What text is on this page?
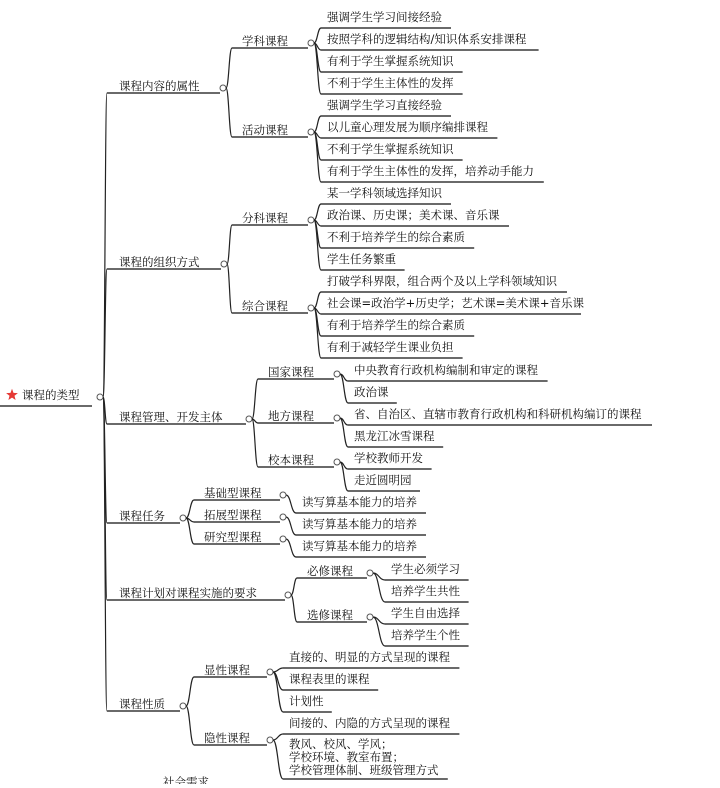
课程的类型
课程内容的属性
学科课程
强调学生学习间接经验
按照学科的逻辑结构/知识体系安排课程
有利于学生掌握系统知识
不利于学生主体性的发挥
活动课程
强调学生学习直接经验
以儿童心理发展为顺序编排课程
不利于学生掌握系统知识
有利于学生主体性的发挥，培养动手能力
课程的组织方式
分科课程
某一学科领域选择知识
政治课、历史课；美术课、音乐课
不利于培养学生的综合素质
学生任务繁重
综合课程
打破学科界限，组合两个及以上学科领域知识
社会课=政治学+历史学；艺术课=美术课+音乐课
有利于培养学生的综合素质
有利于减轻学生课业负担
课程管理、开发主体
国家课程	中央教育行政机构编制和审定的课程
政治课
地方课程	省、自治区、直辖市教育行政机构和科研机构编订的课程
黑龙江冰雪课程
校本课程	学校教师开发
走近圆明园
课程任务
基础型课程
读写算基本能力的培养
拓展型课程
读写算基本能力的培养
研究型课程
读写算基本能力的培养
课程计划对课程实施的要求
必修课程	学生必须学习
培养学生共性
选修课程	学生自由选择
培养学生个性
课程性质
显性课程
直接的、明显的方式呈现的课程
课程表里的课程
计划性
隐性课程
间接的、内隐的方式呈现的课程
教风、校风、学风；
学校环境、教室布置；
学校管理体制、班级管理方式
社会需求
